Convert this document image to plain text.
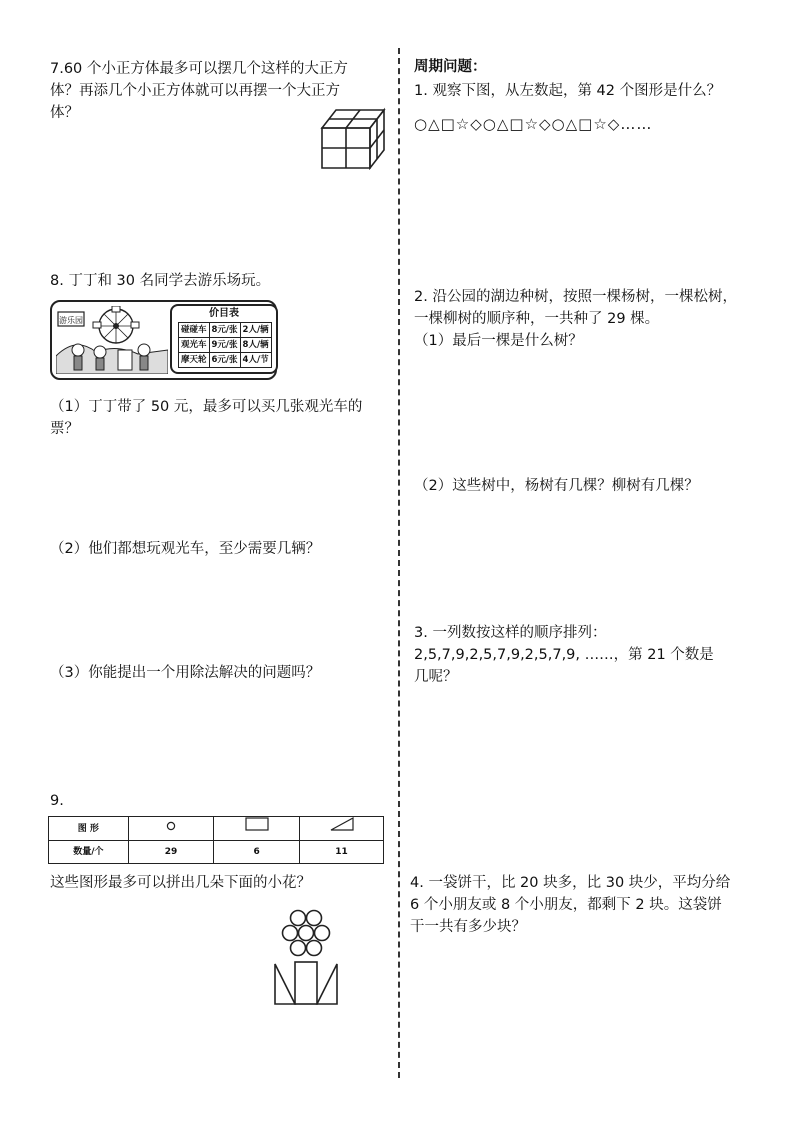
7.60 个小正方体最多可以摆几个这样的大正方
体？再添几个小正方体就可以再摆一个大正方
体？
8. 丁丁和 30 名同学去游乐场玩。
游乐园
价目表
碰碰车	8元/张	2人/辆
观光车	9元/张	8人/辆
摩天轮	6元/张	4人/节
（1）丁丁带了 50 元，最多可以买几张观光车的
票？
（2）他们都想玩观光车，至少需要几辆？
（3）你能提出一个用除法解决的问题吗？
9.
图 形			
数量/个	29	6	11
这些图形最多可以拼出几朵下面的小花？
周期问题：
1. 观察下图，从左数起，第 42 个图形是什么？
○△□☆◇○△□☆◇○△□☆◇……
2. 沿公园的湖边种树，按照一棵杨树，一棵松树，
一棵柳树的顺序种，一共种了 29 棵。
（1）最后一棵是什么树？
（2）这些树中，杨树有几棵？柳树有几棵？
3. 一列数按这样的顺序排列：
2,5,7,9,2,5,7,9,2,5,7,9, ……，第 21 个数是
几呢？
4. 一袋饼干，比 20 块多，比 30 块少，平均分给
6 个小朋友或 8 个小朋友，都剩下 2 块。这袋饼
干一共有多少块？
